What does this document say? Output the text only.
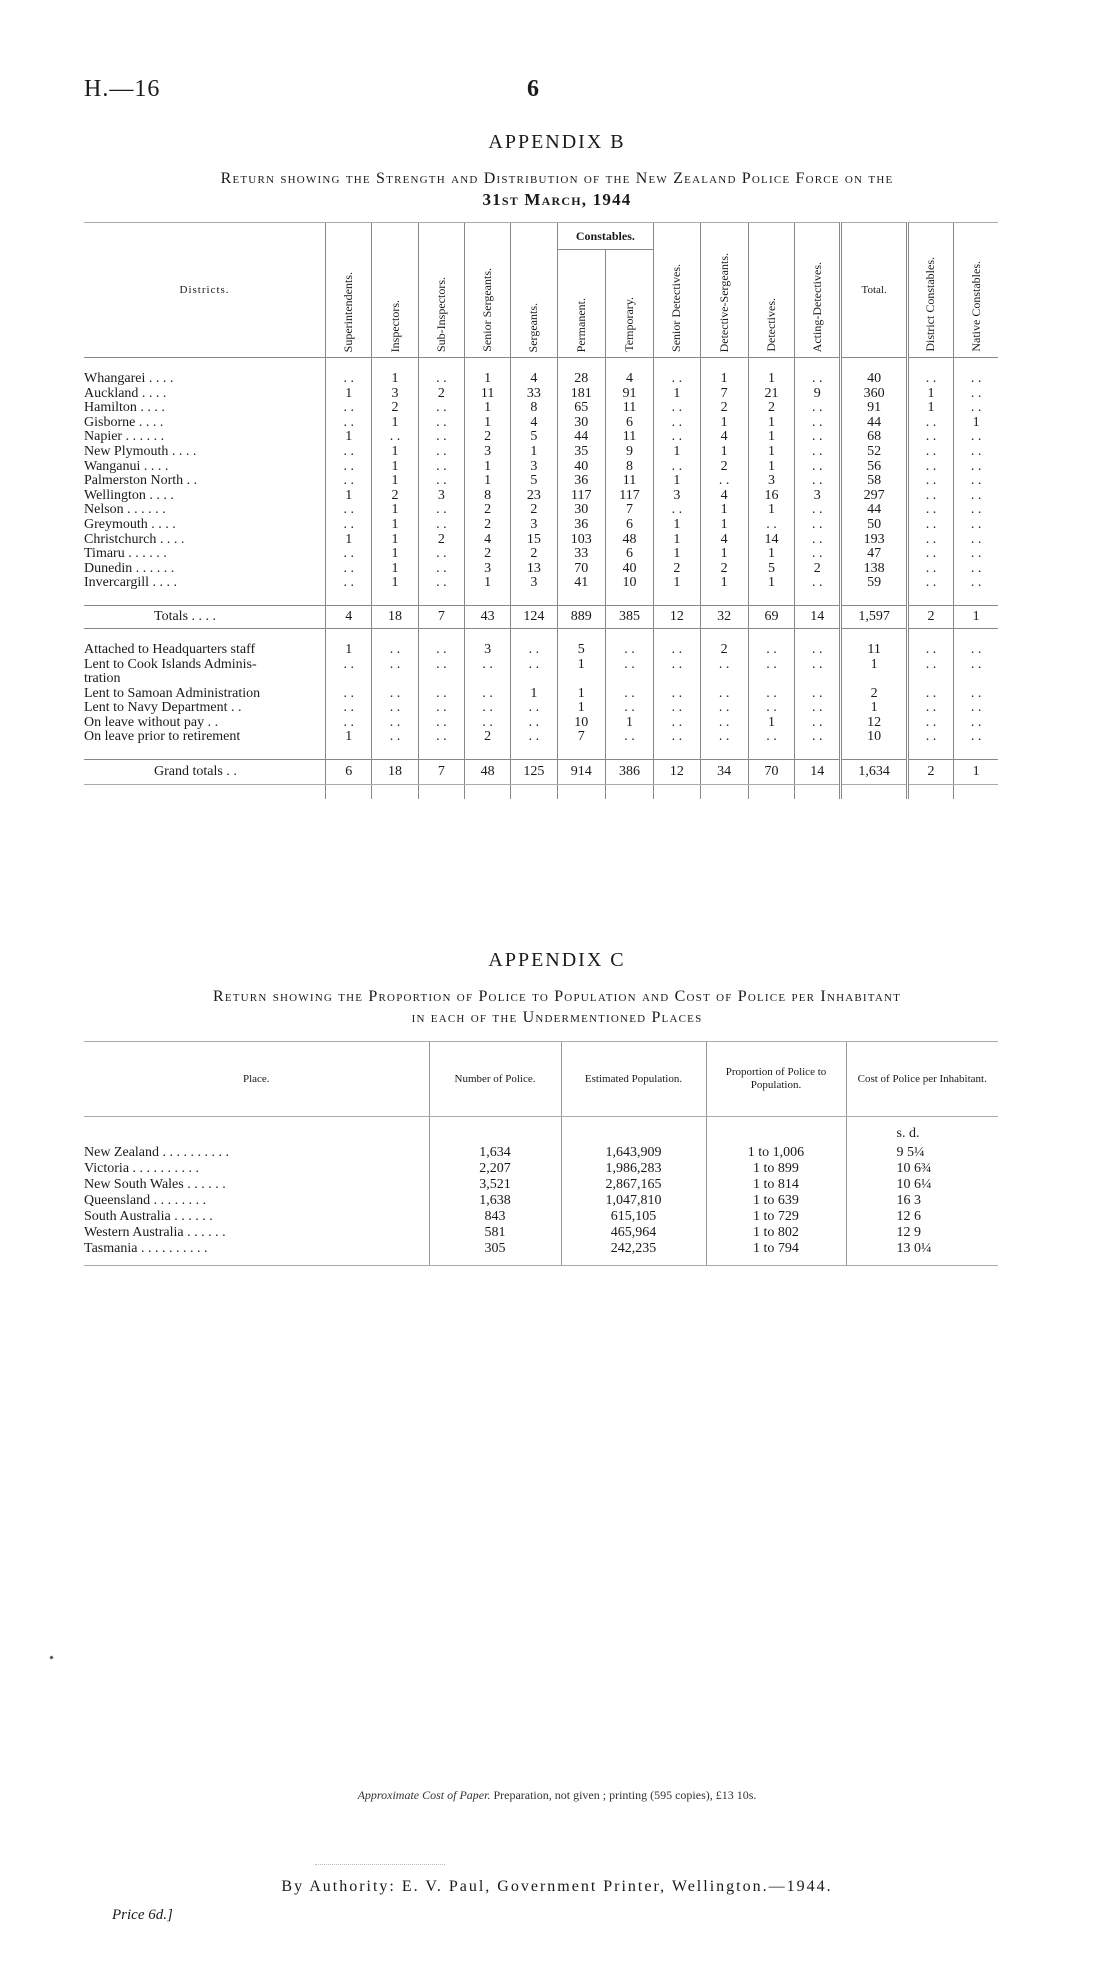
H.—16	6
APPENDIX B
Return showing the Strength and Distribution of the New Zealand Police Force on the
31st March, 1944
Districts.	Superintendents.	Inspectors.	Sub-Inspectors.	Senior Sergeants.	Sergeants.	Constables.		Senior Detectives.	Detective-Sergeants.	Detectives.	Acting-Detectives.	Total.	District Constables.	Native Constables.
						Permanent.	Temporary.							

Whangarei . . . .	. .	1	. .	1	4	28	4	. .	1	1	. .	40	. .	. .
Auckland . . . .	1	3	2	11	33	181	91	1	7	21	9	360	1	. .
Hamilton . . . .	. .	2	. .	1	8	65	11	. .	2	2	. .	91	1	. .
Gisborne . . . .	. .	1	. .	1	4	30	6	. .	1	1	. .	44	. .	1
Napier . . . . . .	1	. .	. .	2	5	44	11	. .	4	1	. .	68	. .	. .
New Plymouth . . . .	. .	1	. .	3	1	35	9	1	1	1	. .	52	. .	. .
Wanganui . . . .	. .	1	. .	1	3	40	8	. .	2	1	. .	56	. .	. .
Palmerston North . .	. .	1	. .	1	5	36	11	1	. .	3	. .	58	. .	. .
Wellington . . . .	1	2	3	8	23	117	117	3	4	16	3	297	. .	. .
Nelson . . . . . .	. .	1	. .	2	2	30	7	. .	1	1	. .	44	. .	. .
Greymouth . . . .	. .	1	. .	2	3	36	6	1	1	. .	. .	50	. .	. .
Christchurch . . . .	1	1	2	4	15	103	48	1	4	14	. .	193	. .	. .
Timaru . . . . . .	. .	1	. .	2	2	33	6	1	1	1	. .	47	. .	. .
Dunedin . . . . . .	. .	1	. .	3	13	70	40	2	2	5	2	138	. .	. .
Invercargill . . . .	. .	1	. .	1	3	41	10	1	1	1	. .	59	. .	. .

Totals . . . .	4	18	7	43	124	889	385	12	32	69	14	1,597	2	1

Attached to Headquarters staff	1	. .	. .	3	. .	5	. .	. .	2	. .	. .	11	. .	. .
Lent to Cook Islands Adminis-	. .	. .	. .	. .	. .	1	. .	. .	. .	. .	. .	1	. .	. .
tration														
Lent to Samoan Administration	. .	. .	. .	. .	1	1	. .	. .	. .	. .	. .	2	. .	. .
Lent to Navy Department . .	. .	. .	. .	. .	. .	1	. .	. .	. .	. .	. .	1	. .	. .
On leave without pay . .	. .	. .	. .	. .	. .	10	1	. .	. .	1	. .	12	. .	. .
On leave prior to retirement	1	. .	. .	2	. .	7	. .	. .	. .	. .	. .	10	. .	. .

Grand totals . .	6	18	7	48	125	914	386	12	34	70	14	1,634	2	1

APPENDIX C
Return showing the Proportion of Police to Population and Cost of Police per Inhabitant
in each of the Undermentioned Places
Place.	Number of Police.	Estimated Population.	Proportion of Police to Population.	Cost of Police per Inhabitant.
				s. d.
New Zealand . . . . . . . . . .	1,634	1,643,909	1 to 1,006	9 5¼
Victoria . . . . . . . . . .	2,207	1,986,283	1 to 899	10 6¾
New South Wales . . . . . .	3,521	2,867,165	1 to 814	10 6¼
Queensland . . . . . . . .	1,638	1,047,810	1 to 639	16 3
South Australia . . . . . .	843	615,105	1 to 729	12 6
Western Australia . . . . . .	581	465,964	1 to 802	12 9
Tasmania . . . . . . . . . .	305	242,235	1 to 794	13 0¼
Approximate Cost of Paper. Preparation, not given ; printing (595 copies), £13 10s.
By Authority: E. V. Paul, Government Printer, Wellington.—1944.
Price 6d.]
